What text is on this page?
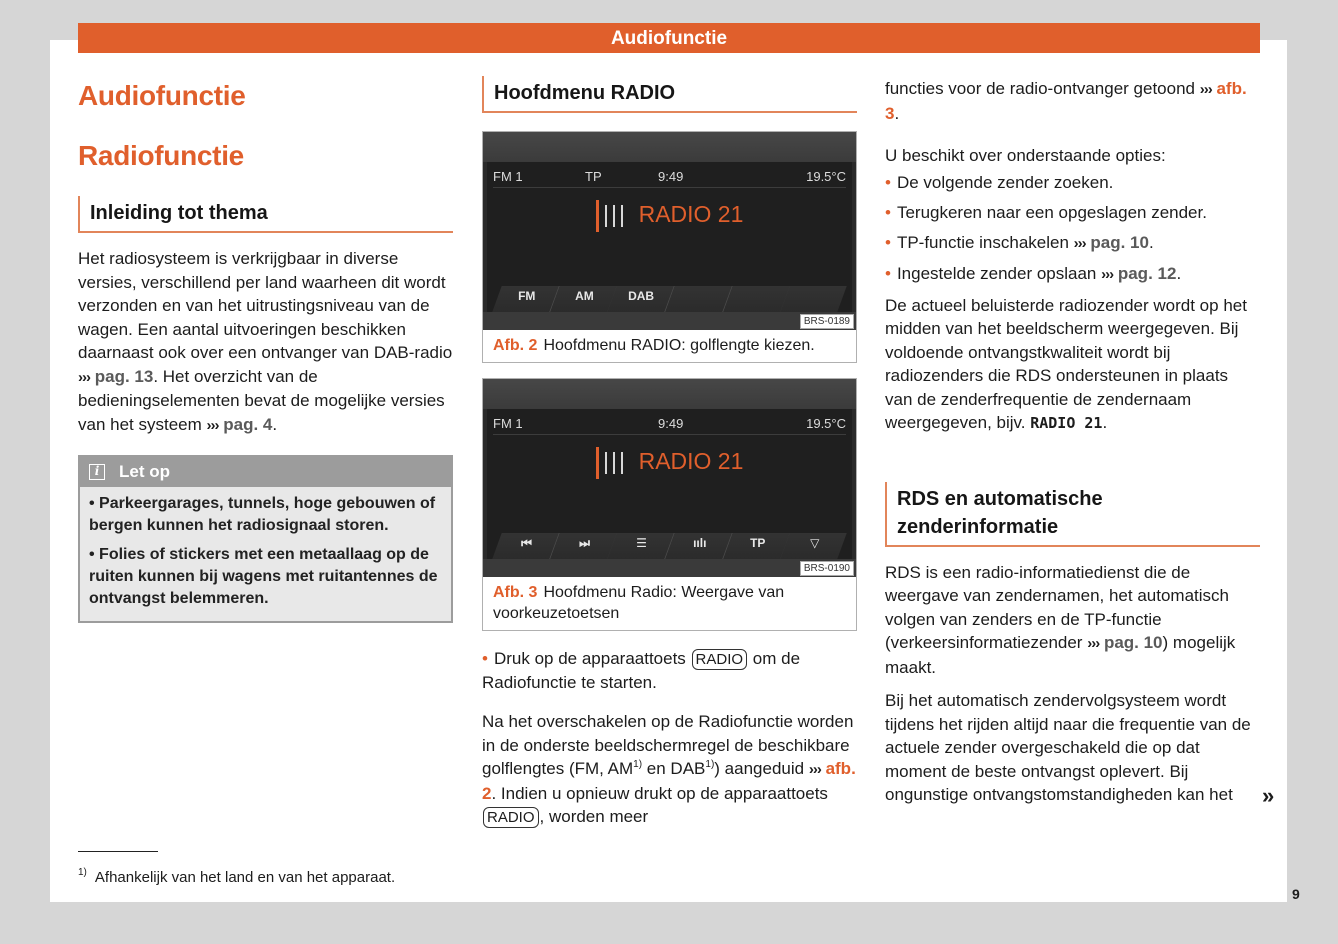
Audiofunctie
Audiofunctie
Radiofunctie
Inleiding tot thema

Het radiosysteem is verkrijgbaar in diverse versies, verschillend per land waarheen dit wordt verzonden en van het uitrustingsniveau van de wagen. Een aantal uitvoeringen beschikken daarnaast ook over een ontvanger van DAB-radio ››› pag. 13. Het overzicht van de bedieningselementen bevat de mogelijke versies van het systeem ››› pag. 4.

i	Let op
• Parkeergarages, tunnels, hoge gebouwen of bergen kunnen het radiosignaal storen.
• Folies of stickers met een metaallaag op de ruiten kunnen bij wagens met ruitantennes de ontvangst belemmeren.
Hoofdmenu RADIO
FM 1	TP	9:49	19.5°C
RADIO 21
FM	AM	DAB
BRS-0189
Afb. 2 Hoofdmenu RADIO: golflengte kiezen.
FM 1	9:49	19.5°C
RADIO 21
⏮	⏭	☰	ıılı	TP	▽
BRS-0190
Afb. 3 Hoofdmenu Radio: Weergave van voorkeuzetoetsen

• Druk op de apparaattoets RADIO om de Radiofunctie te starten.

Na het overschakelen op de Radiofunctie worden in de onderste beeldschermregel de beschikbare golflengtes (FM, AM$^{1)}$ en DAB$^{1)}$) aangeduid ››› afb. 2. Indien u opnieuw drukt op de apparaattoets RADIO , worden meer

functies voor de radio-ontvanger getoond ››› afb. 3.

U beschikt over onderstaande opties:

• De volgende zender zoeken.
• Terugkeren naar een opgeslagen zender.
• TP-functie inschakelen ››› pag. 10.
• Ingestelde zender opslaan ››› pag. 12.

De actueel beluisterde radiozender wordt op het midden van het beeldscherm weergegeven. Bij voldoende ontvangstkwaliteit wordt bij radiozenders die RDS ondersteunen in plaats van de zenderfrequentie de zendernaam weergegeven, bijv. RADIO 21.

RDS en automatische zenderinformatie

RDS is een radio-informatiedienst die de weergave van zendernamen, het automatisch volgen van zenders en de TP-functie (verkeersinformatiezender ››› pag. 10) mogelijk maakt.

Bij het automatisch zendervolgsysteem wordt tijdens het rijden altijd naar die frequentie van de actuele zender overgeschakeld die op dat moment de beste ontvangst oplevert. Bij ongunstige ontvangstomstandigheden kan het	»
$^{1)}$ Afhankelijk van het land en van het apparaat.
9
